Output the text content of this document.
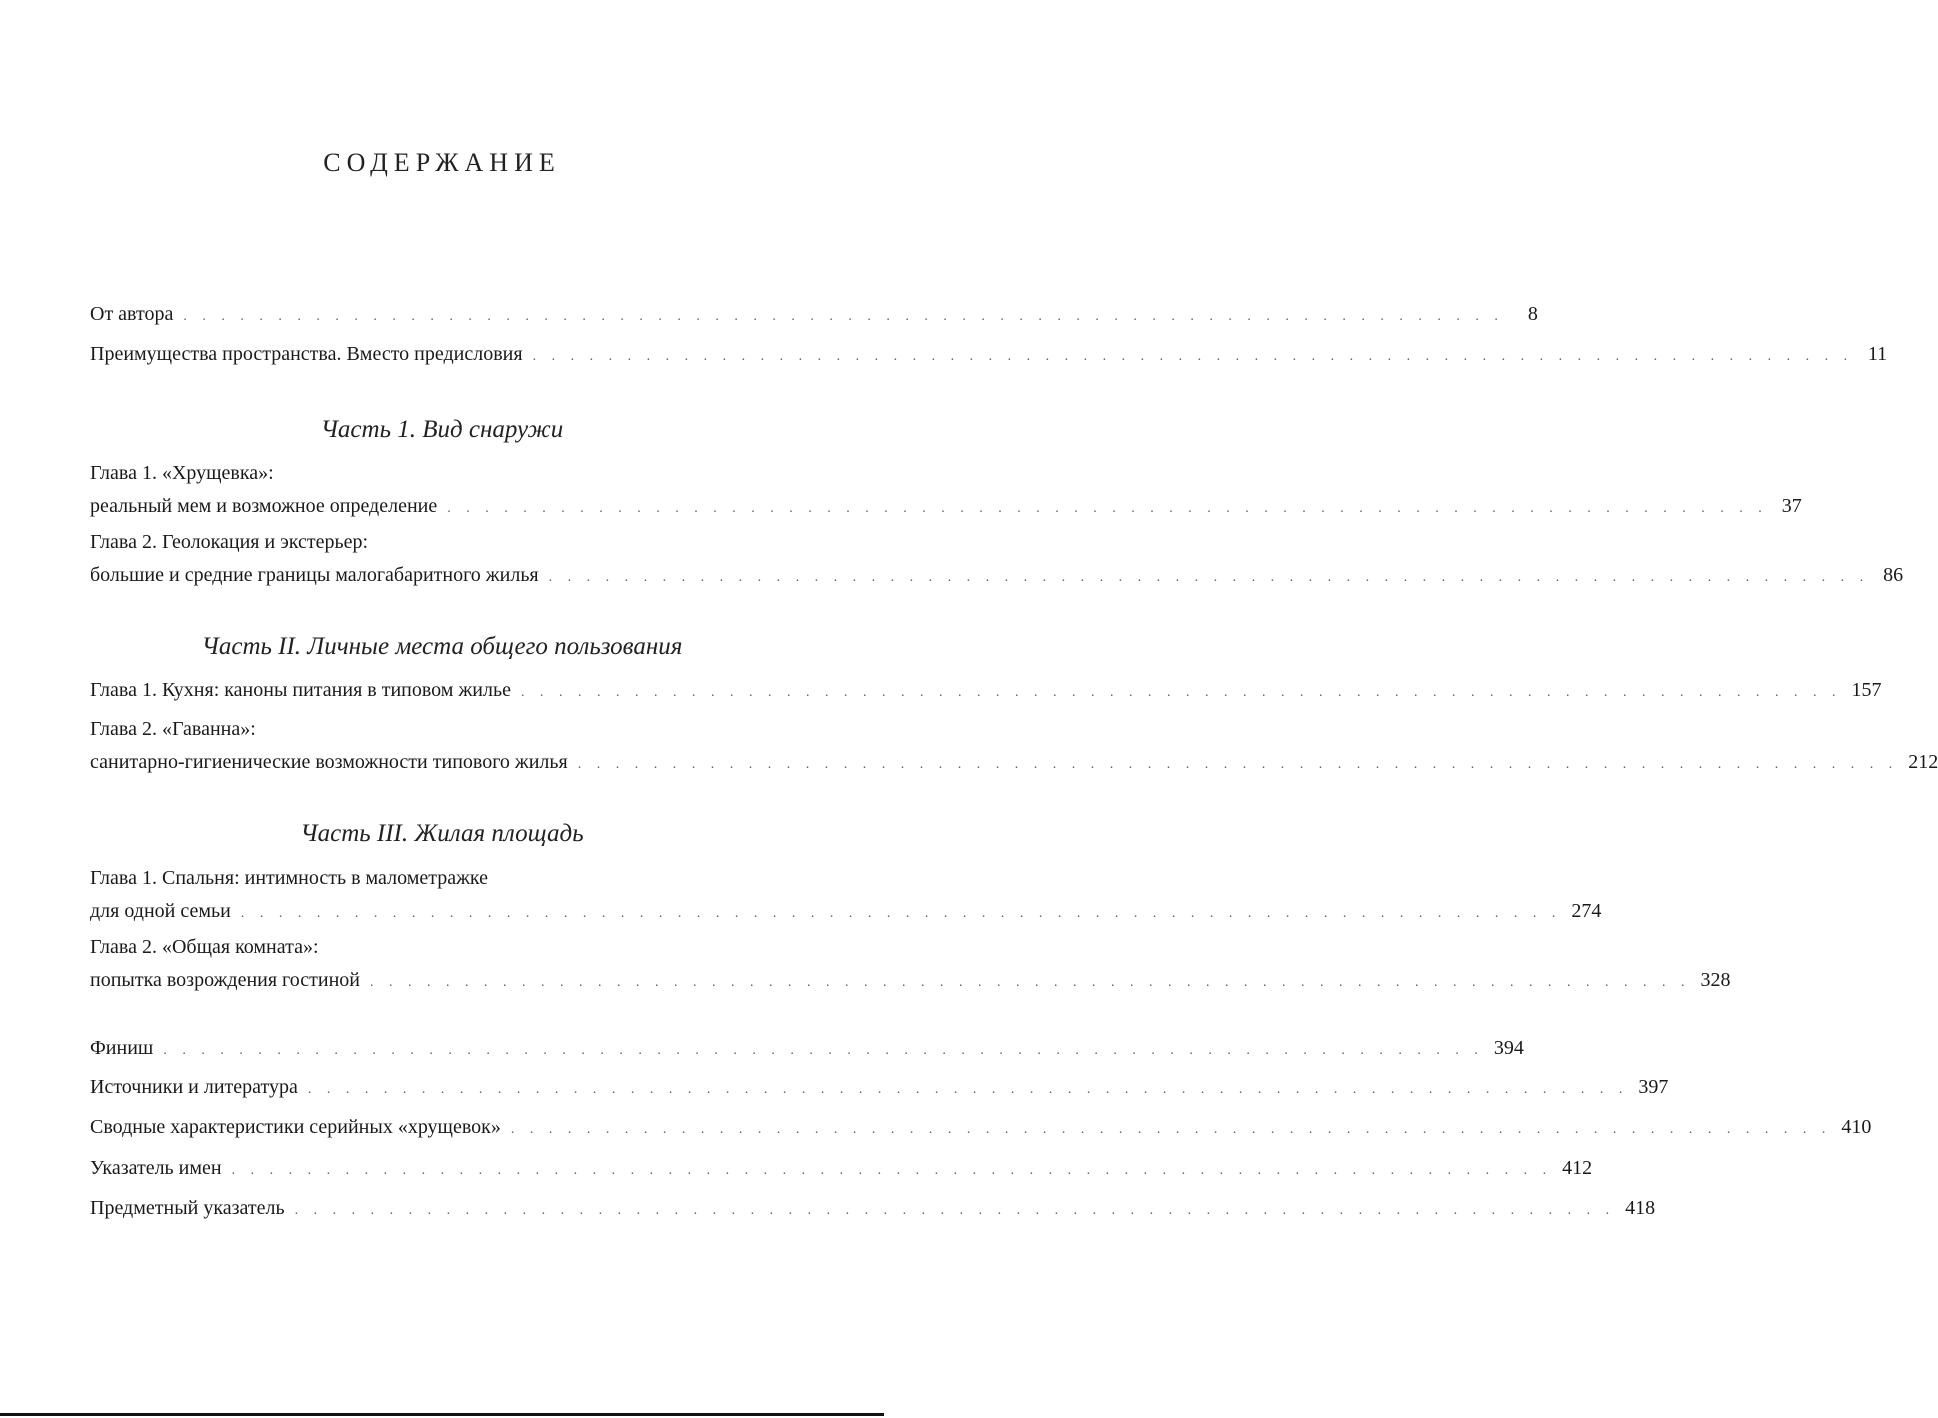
СОДЕРЖАНИЕ
От автора . . . . . . . . . . . . . . . . . . . . . . . . . . . . . . . . . . . . . . . . . . . . . . . . . . . . . . . . . . . . . . . . . . . . . .	8
Преимущества пространства. Вместо предисловия . . . . . . . . . . . . . . . . . . . . . . . . . . . . . . . . . . . . . . . . . . . . . . . . . . . . . . . . . . . . . . . . . . . . . . 11
Часть 1. Вид снаружи
Глава 1. «Хрущевка»:
реальный мем и возможное определение . . . . . . . . . . . . . . . . . . . . . . . . . . . . . . . . . . . . . . . . . . . . . . . . . . . . . . . . . . . . . . . . . . . . . . 37
Глава 2. Геолокация и экстерьер:
большие и средние границы малогабаритного жилья . . . . . . . . . . . . . . . . . . . . . . . . . . . . . . . . . . . . . . . . . . . . . . . . . . . . . . . . . . . . . . . . . . . . . . 86
Часть II. Личные места общего пользования
Глава 1. Кухня: каноны питания в типовом жилье . . . . . . . . . . . . . . . . . . . . . . . . . . . . . . . . . . . . . . . . . . . . . . . . . . . . . . . . . . . . . . . . . . . . . . 157
Глава 2. «Гаванна»:
санитарно-гигиенические возможности типового жилья . . . . . . . . . . . . . . . . . . . . . . . . . . . . . . . . . . . . . . . . . . . . . . . . . . . . . . . . . . . . . . . . . . . . . . 212
Часть III. Жилая площадь
Глава 1. Спальня: интимность в малометражке
для одной семьи . . . . . . . . . . . . . . . . . . . . . . . . . . . . . . . . . . . . . . . . . . . . . . . . . . . . . . . . . . . . . . . . . . . . . . 274
Глава 2. «Общая комната»:
попытка возрождения гостиной . . . . . . . . . . . . . . . . . . . . . . . . . . . . . . . . . . . . . . . . . . . . . . . . . . . . . . . . . . . . . . . . . . . . . . 328
Финиш . . . . . . . . . . . . . . . . . . . . . . . . . . . . . . . . . . . . . . . . . . . . . . . . . . . . . . . . . . . . . . . . . . . . . . 394
Источники и литература . . . . . . . . . . . . . . . . . . . . . . . . . . . . . . . . . . . . . . . . . . . . . . . . . . . . . . . . . . . . . . . . . . . . . . 397
Сводные характеристики серийных «хрущевок» . . . . . . . . . . . . . . . . . . . . . . . . . . . . . . . . . . . . . . . . . . . . . . . . . . . . . . . . . . . . . . . . . . . . . . 410
Указатель имен . . . . . . . . . . . . . . . . . . . . . . . . . . . . . . . . . . . . . . . . . . . . . . . . . . . . . . . . . . . . . . . . . . . . . . 412
Предметный указатель . . . . . . . . . . . . . . . . . . . . . . . . . . . . . . . . . . . . . . . . . . . . . . . . . . . . . . . . . . . . . . . . . . . . . . 418
